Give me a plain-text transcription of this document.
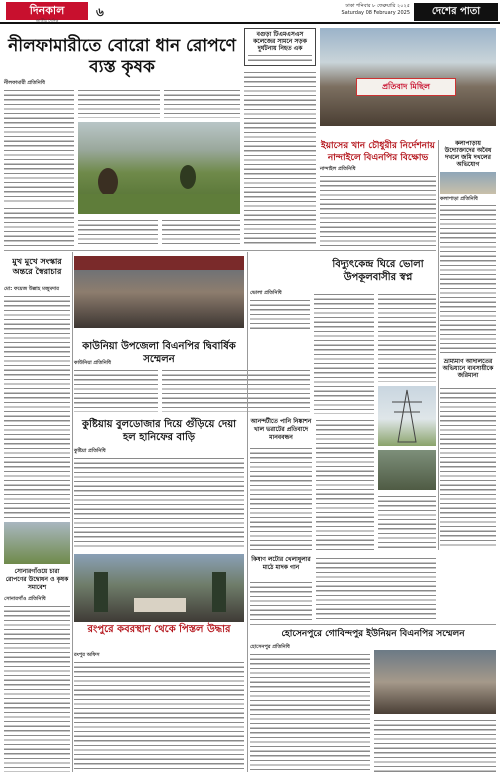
দিনকাল
জাতীয় দৈনিক
৬	ঢাকা শনিবার ৮ ফেব্রুয়ারি ২০২৫
Saturday 08 February 2025	দেশের পাতা
নীলফামারীতে বোরো ধান রোপণে ব্যস্ত কৃষক
নীলফামারী প্রতিনিধি
বগুড়া টিএমএসএস কলেজের সামনে সড়ক দুর্ঘটনায় নিহত এক
প্রতিবাদ মিছিল
ইয়াসের খান চৌধুরীর নির্দেশনায় নান্দাইলে বিএনপির বিক্ষোভ
নান্দাইল প্রতিনিধি
কলাপাড়ায় উদ্যোক্তাদের অবৈধ দখলে জমি দখলের অভিযোগ
কলাপাড়া প্রতিনিধি
মুখ মুখে সংস্কার অন্তরে স্বৈরাচার
মো: ফয়েজ উল্লাহ মজুমদার
বিদ্যুৎকেন্দ্র ঘিরে ভোলা উপকূলবাসীর স্বপ্ন
ভোলা প্রতিনিধি
কাউনিয়া উপজেলা বিএনপির দ্বিবার্ষিক সম্মেলন
কাউনিয়া প্রতিনিধি
কুষ্টিয়ায় বুলডোজার দিয়ে গুঁড়িয়ে দেয়া হল হানিফের বাড়ি
কুষ্টিয়া প্রতিনিধি
আনন্দটীতে পানি নিষ্কাশন খাল ভরাটের প্রতিবাদে মানববন্ধন
ভ্রাম্যমাণ আদালতের অভিযানে ব্যবসায়ীকে জরিমানা
সোনারগাঁওয়ে চারা রোপণের উদ্বোধন ও কৃষক সমাবেশ
সোনারগাঁও প্রতিনিধি
রংপুরে কবরস্থান থেকে পিস্তল উদ্ধার
রংপুর অফিস
কিষাণ লটোর খেলাধুলার মাঠে মাদক গান
হোসেনপুরে গোবিন্দপুর ইউনিয়ন বিএনপির সম্মেলন
হোসেনপুর প্রতিনিধি
